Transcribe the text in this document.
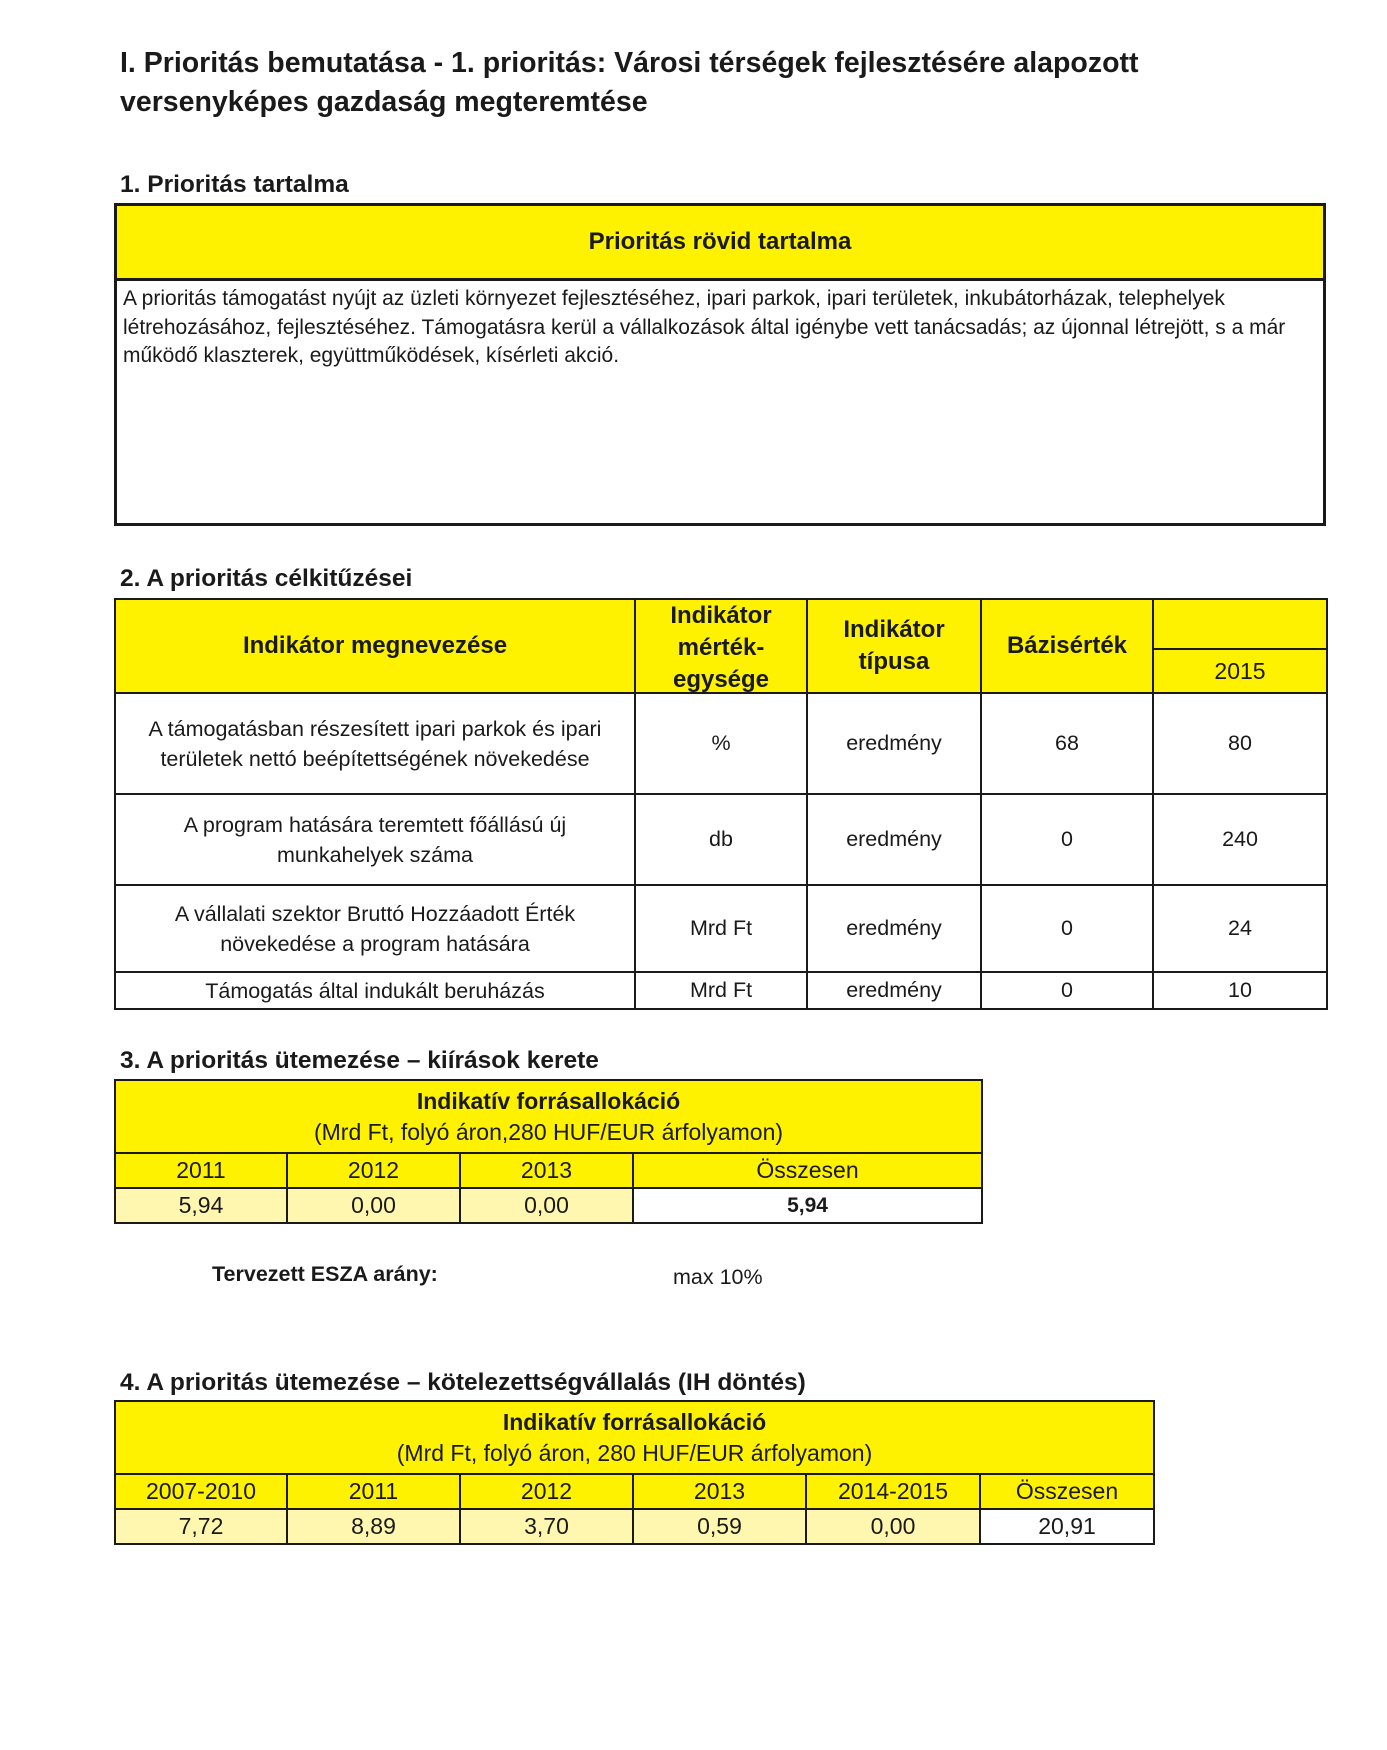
I. Prioritás bemutatása - 1. prioritás: Városi térségek fejlesztésére alapozott versenyképes gazdaság megteremtése
1. Prioritás tartalma
Prioritás rövid tartalma
A prioritás támogatást nyújt az üzleti környezet fejlesztéséhez, ipari parkok, ipari területek, inkubátorházak, telephelyek létrehozásához, fejlesztéséhez. Támogatásra kerül a vállalkozások által igénybe vett tanácsadás; az újonnal létrejött, s a már működő klaszterek, együttműködések, kísérleti akció.
2. A prioritás célkitűzései
Indikátor megnevezése	Indikátor mérték-egysége	Indikátor típusa	Bázisérték	
				2015
A támogatásban részesített ipari parkok és ipari területek nettó beépítettségének növekedése	%	eredmény	68	80
A program hatására teremtett főállású új munkahelyek száma	db	eredmény	0	240
A vállalati szektor Bruttó Hozzáadott Érték növekedése a program hatására	Mrd Ft	eredmény	0	24
Támogatás által indukált beruházás	Mrd Ft	eredmény	0	10
3. A prioritás ütemezése – kiírások kerete
Indikatív forrásallokáció
(Mrd Ft, folyó áron,280 HUF/EUR árfolyamon)			

2011	2012	2013	Összesen
5,94	0,00	0,00	5,94
Tervezett ESZA arány:	max 10%
4. A prioritás ütemezése – kötelezettségvállalás (IH döntés)
Indikatív forrásallokáció
(Mrd Ft, folyó áron, 280 HUF/EUR árfolyamon)					

2007-2010	2011	2012	2013	2014-2015	Összesen
7,72	8,89	3,70	0,59	0,00	20,91
